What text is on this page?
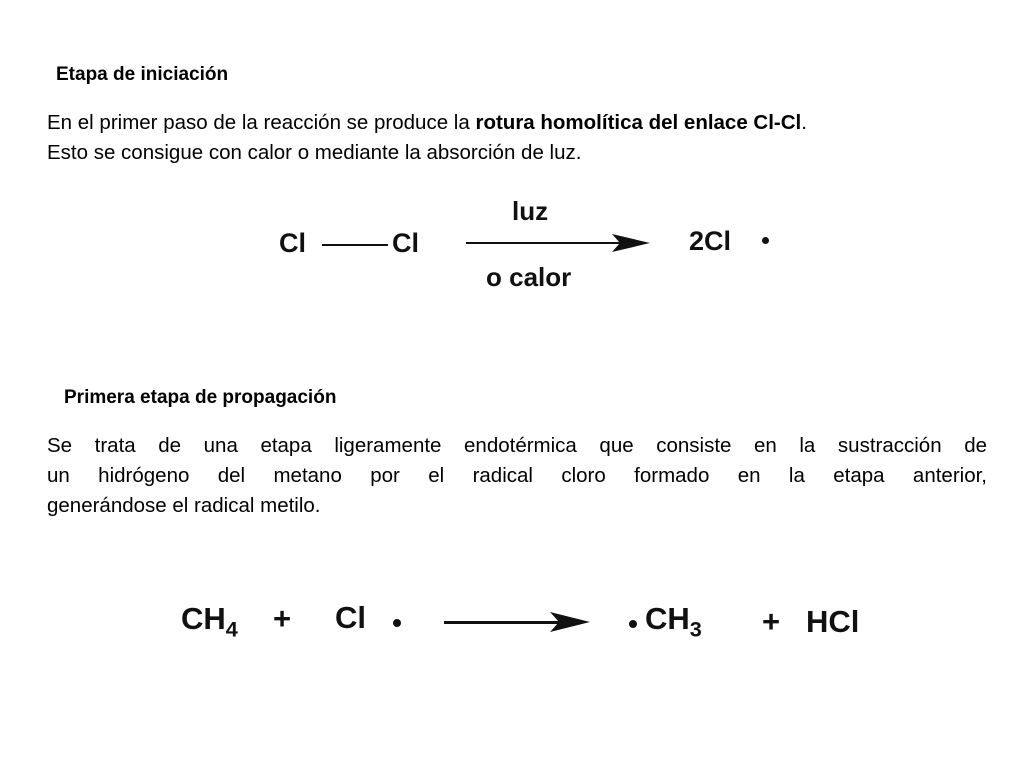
Etapa de iniciación
En el primer paso de la reacción se produce la rotura homolítica del enlace Cl-Cl.
Esto se consigue con calor o mediante la absorción de luz.
Cl	Cl
luz
o calor
2Cl
Primera etapa de propagación
Se trata de una etapa ligeramente endotérmica que consiste en la sustracción de
un hidrógeno del metano por el radical cloro formado en la etapa anterior,
generándose el radical metilo.
$CH_4 + Cl$	$CH_3$ + HCl
